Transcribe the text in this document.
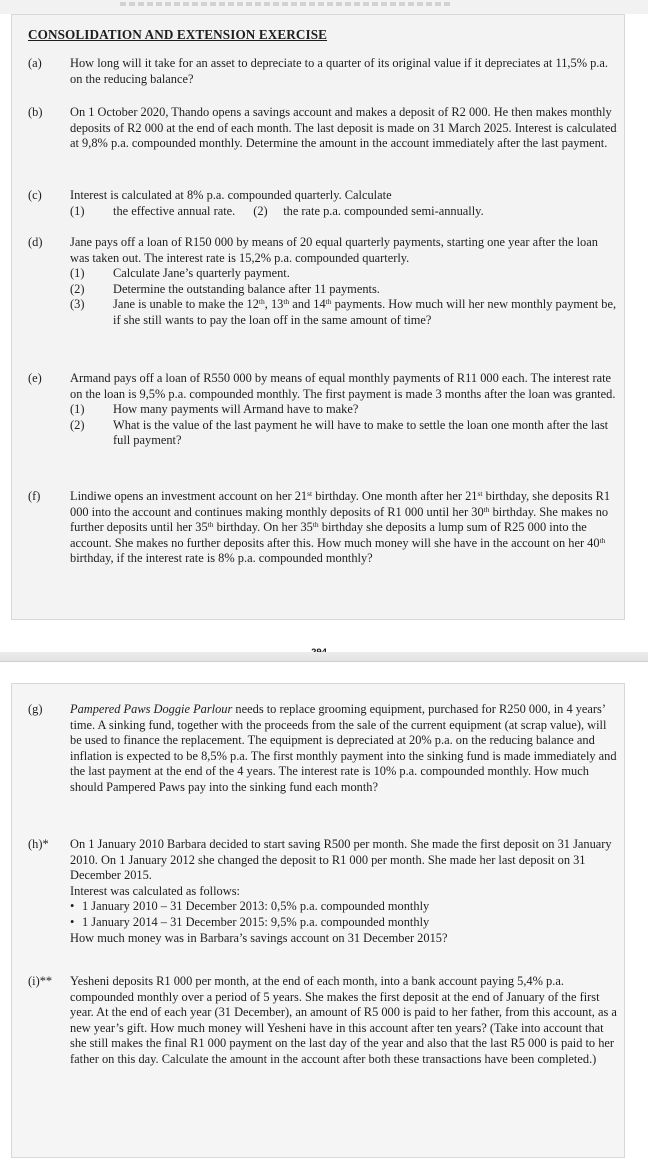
CONSOLIDATION AND EXTENSION EXERCISE
(a) How long will it take for an asset to depreciate to a quarter of its original value if it depreciates at 11,5% p.a. on the reducing balance?
(b) On 1 October 2020, Thando opens a savings account and makes a deposit of R2 000. He then makes monthly deposits of R2 000 at the end of each month. The last deposit is made on 31 March 2025. Interest is calculated at 9,8% p.a. compounded monthly. Determine the amount in the account immediately after the last payment.
(c) Interest is calculated at 8% p.a. compounded quarterly. Calculate
(1) the effective annual rate. (2) the rate p.a. compounded semi-annually.
(d) Jane pays off a loan of R150 000 by means of 20 equal quarterly payments, starting one year after the loan was taken out. The interest rate is 15,2% p.a. compounded quarterly.
(1) Calculate Jane’s quarterly payment.
(2) Determine the outstanding balance after 11 payments.
(3) Jane is unable to make the 12th, 13th and 14th payments. How much will her new monthly payment be, if she still wants to pay the loan off in the same amount of time?
(e) Armand pays off a loan of R550 000 by means of equal monthly payments of R11 000 each. The interest rate on the loan is 9,5% p.a. compounded monthly. The first payment is made 3 months after the loan was granted.
(1) How many payments will Armand have to make?
(2) What is the value of the last payment he will have to make to settle the loan one month after the last full payment?
(f) Lindiwe opens an investment account on her 21st birthday. One month after her 21st birthday, she deposits R1 000 into the account and continues making monthly deposits of R1 000 until her 30th birthday. She makes no further deposits until her 35th birthday. On her 35th birthday she deposits a lump sum of R25 000 into the account. She makes no further deposits after this. How much money will she have in the account on her 40th birthday, if the interest rate is 8% p.a. compounded monthly?
(g) Pampered Paws Doggie Parlour needs to replace grooming equipment, purchased for R250 000, in 4 years’ time. A sinking fund, together with the proceeds from the sale of the current equipment (at scrap value), will be used to finance the replacement. The equipment is depreciated at 20% p.a. on the reducing balance and inflation is expected to be 8,5% p.a. The first monthly payment into the sinking fund is made immediately and the last payment at the end of the 4 years. The interest rate is 10% p.a. compounded monthly. How much should Pampered Paws pay into the sinking fund each month?
(h)* On 1 January 2010 Barbara decided to start saving R500 per month. She made the first deposit on 31 January 2010. On 1 January 2012 she changed the deposit to R1 000 per month. She made her last deposit on 31 December 2015.
Interest was calculated as follows:
• 1 January 2010 – 31 December 2013: 0,5% p.a. compounded monthly
• 1 January 2014 – 31 December 2015: 9,5% p.a. compounded monthly
How much money was in Barbara’s savings account on 31 December 2015?
(i)** Yesheni deposits R1 000 per month, at the end of each month, into a bank account paying 5,4% p.a. compounded monthly over a period of 5 years. She makes the first deposit at the end of January of the first year. At the end of each year (31 December), an amount of R5 000 is paid to her father, from this account, as a new year’s gift. How much money will Yesheni have in this account after ten years? (Take into account that she still makes the final R1 000 payment on the last day of the year and also that the last R5 000 is paid to her father on this day. Calculate the amount in the account after both these transactions have been completed.)
